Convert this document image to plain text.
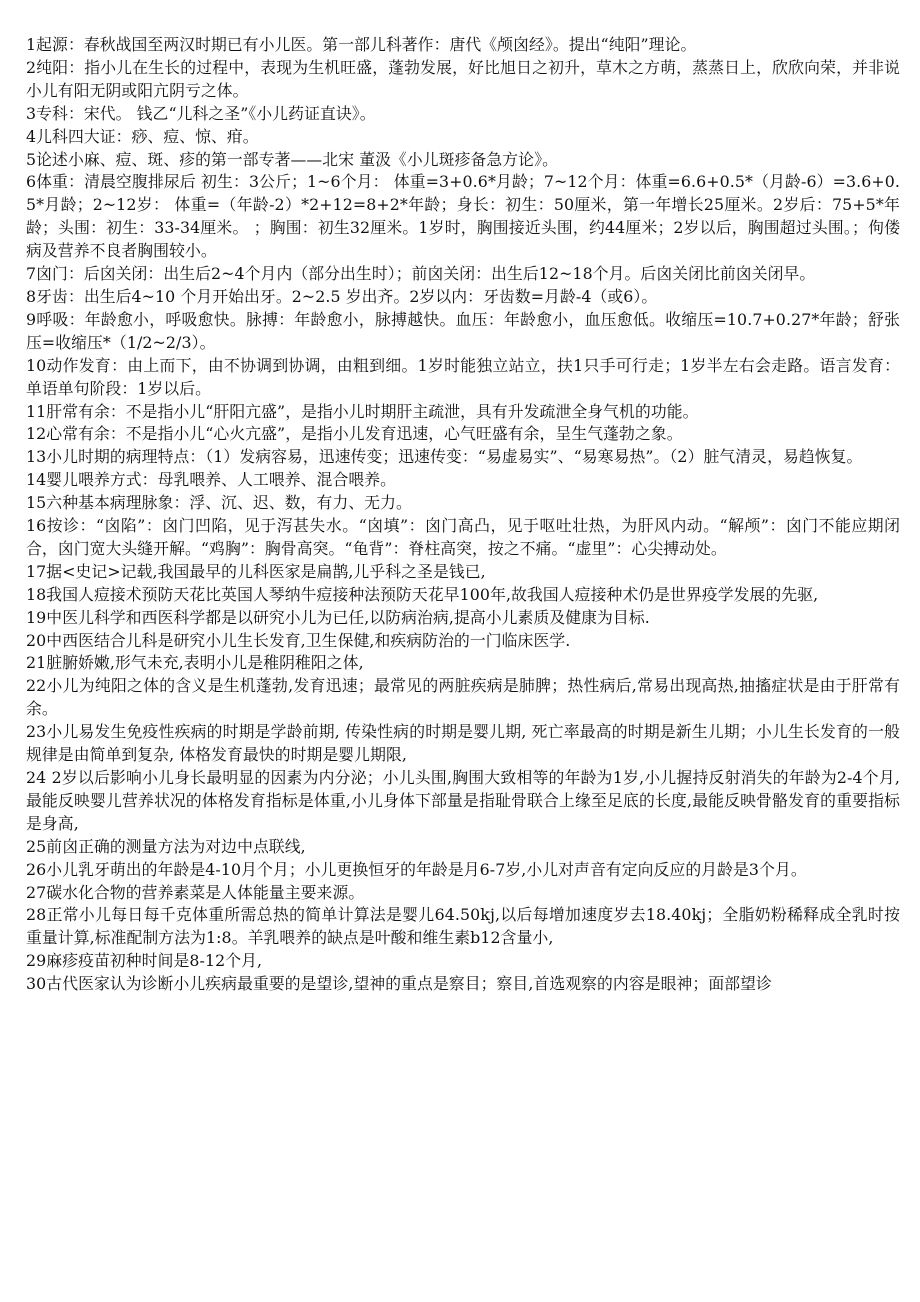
1起源：春秋战国至两汉时期已有小儿医。第一部儿科著作：唐代《颅囟经》。提出“纯阳”理论。

2纯阳：指小儿在生长的过程中，表现为生机旺盛，蓬勃发展，好比旭日之初升，草木之方萌，蒸蒸日上，欣欣向荣，并非说小儿有阳无阴或阳亢阴亏之体。

3专科：宋代。 钱乙“儿科之圣”《小儿药证直诀》。

4儿科四大证：痧、痘、惊、疳。

5论述小麻、痘、斑、疹的第一部专著——北宋 董汲《小儿斑疹备急方论》。

6体重：清晨空腹排尿后 初生：3公斤；1~6个月： 体重=3+0.6*月龄；7~12个月：体重=6.6+0.5*（月龄-6）=3.6+0.5*月龄；2~12岁： 体重=（年龄-2）*2+12=8+2*年龄；身长：初生：50厘米，第一年增长25厘米。2岁后：75+5*年龄；头围：初生：33-34厘米。 ；胸围：初生32厘米。1岁时，胸围接近头围，约44厘米；2岁以后，胸围超过头围。；佝偻病及营养不良者胸围较小。

7囟门：后囟关闭：出生后2~4个月内（部分出生时）；前囟关闭：出生后12~18个月。后囟关闭比前囟关闭早。

8牙齿：出生后4~10 个月开始出牙。2~2.5 岁出齐。2岁以内：牙齿数=月龄-4（或6）。

9呼吸：年龄愈小，呼吸愈快。脉搏：年龄愈小，脉搏越快。血压：年龄愈小，血压愈低。收缩压=10.7+0.27*年龄；舒张压=收缩压*（1/2~2/3）。

10动作发育：由上而下，由不协调到协调，由粗到细。1岁时能独立站立，扶1只手可行走；1岁半左右会走路。语言发育：单语单句阶段：1岁以后。

11肝常有余：不是指小儿“肝阳亢盛”，是指小儿时期肝主疏泄，具有升发疏泄全身气机的功能。

12心常有余：不是指小儿“心火亢盛”，是指小儿发育迅速，心气旺盛有余，呈生气蓬勃之象。

13小儿时期的病理特点：（1）发病容易，迅速传变；迅速传变：“易虚易实”、“易寒易热”。（2）脏气清灵，易趋恢复。

14婴儿喂养方式：母乳喂养、人工喂养、混合喂养。

15六种基本病理脉象：浮、沉、迟、数，有力、无力。

16按诊：“囟陷”：囟门凹陷，见于泻甚失水。“囟填”：囟门高凸，见于呕吐壮热，为肝风内动。“解颅”：囟门不能应期闭合，囟门宽大头缝开解。“鸡胸”：胸骨高突。“龟背”：脊柱高突，按之不痛。“虚里”：心尖搏动处。

17据<史记>记载,我国最早的儿科医家是扁鹊,儿乎科之圣是钱已,

18我国人痘接术预防天花比英国人琴纳牛痘接种法预防天花早100年,故我国人痘接种术仍是世界疫学发展的先驱,

19中医儿科学和西医科学都是以研究小儿为已任,以防病治病,提高小儿素质及健康为目标.

20中西医结合儿科是研究小儿生长发育,卫生保健,和疾病防治的一门临床医学.

21脏腑娇嫩,形气未充,表明小儿是稚阴稚阳之体,

22小儿为纯阳之体的含义是生机蓬勃,发育迅速；最常见的两脏疾病是肺脾；热性病后,常易出现高热,抽搐症状是由于肝常有余。

23小儿易发生免疫性疾病的时期是学龄前期, 传染性病的时期是婴儿期, 死亡率最高的时期是新生儿期；小儿生长发育的一般规律是由简单到复杂, 体格发育最快的时期是婴儿期限,

24 2岁以后影响小儿身长最明显的因素为内分泌；小儿头围,胸围大致相等的年龄为1岁,小儿握持反射消失的年龄为2-4个月,最能反映婴儿营养状况的体格发育指标是体重,小儿身体下部量是指耻骨联合上缘至足底的长度,最能反映骨骼发育的重要指标是身高,

25前囟正确的测量方法为对边中点联线,

26小儿乳牙萌出的年龄是4-10月个月；小儿更换恒牙的年龄是月6-7岁,小儿对声音有定向反应的月龄是3个月。

27碳水化合物的营养素菜是人体能量主要来源。

28正常小儿每日每千克体重所需总热的简单计算法是婴儿64.50kj,以后每增加速度岁去18.40kj；全脂奶粉稀释成全乳时按重量计算,标准配制方法为1:8。羊乳喂养的缺点是叶酸和维生素b12含量小,

29麻疹疫苗初种时间是8-12个月,

30古代医家认为诊断小儿疾病最重要的是望诊,望神的重点是察目；察目,首选观察的内容是眼神；面部望诊
